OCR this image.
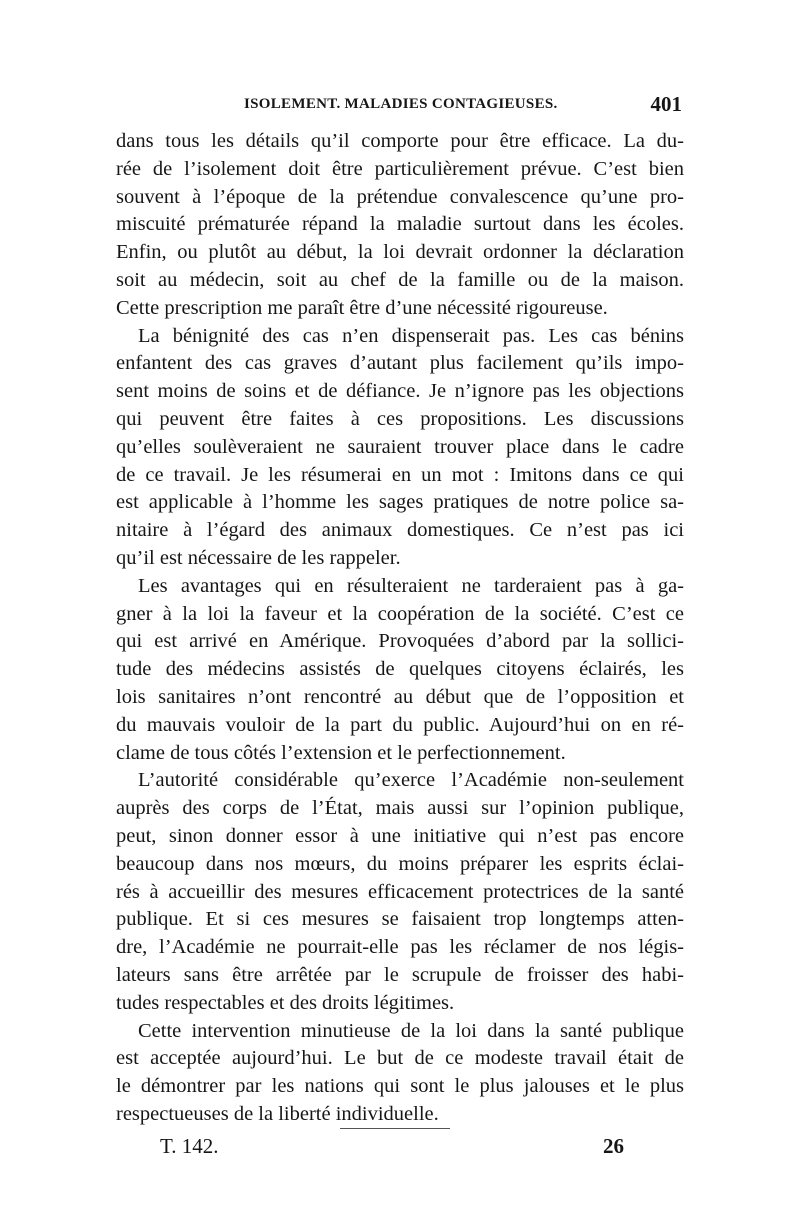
ISOLEMENT. MALADIES CONTAGIEUSES.	401
dans tous les détails qu’il comporte pour être efficace. La du-
rée de l’isolement doit être particulièrement prévue. C’est bien
souvent à l’époque de la prétendue convalescence qu’une pro-
miscuité prématurée répand la maladie surtout dans les écoles.
Enfin, ou plutôt au début, la loi devrait ordonner la déclaration
soit au médecin, soit au chef de la famille ou de la maison.
Cette prescription me paraît être d’une nécessité rigoureuse.
La bénignité des cas n’en dispenserait pas. Les cas bénins
enfantent des cas graves d’autant plus facilement qu’ils impo-
sent moins de soins et de défiance. Je n’ignore pas les objections
qui peuvent être faites à ces propositions. Les discussions
qu’elles soulèveraient ne sauraient trouver place dans le cadre
de ce travail. Je les résumerai en un mot : Imitons dans ce qui
est applicable à l’homme les sages pratiques de notre police sa-
nitaire à l’égard des animaux domestiques. Ce n’est pas ici
qu’il est nécessaire de les rappeler.
Les avantages qui en résulteraient ne tarderaient pas à ga-
gner à la loi la faveur et la coopération de la société. C’est ce
qui est arrivé en Amérique. Provoquées d’abord par la sollici-
tude des médecins assistés de quelques citoyens éclairés, les
lois sanitaires n’ont rencontré au début que de l’opposition et
du mauvais vouloir de la part du public. Aujourd’hui on en ré-
clame de tous côtés l’extension et le perfectionnement.
L’autorité considérable qu’exerce l’Académie non-seulement
auprès des corps de l’État, mais aussi sur l’opinion publique,
peut, sinon donner essor à une initiative qui n’est pas encore
beaucoup dans nos mœurs, du moins préparer les esprits éclai-
rés à accueillir des mesures efficacement protectrices de la santé
publique. Et si ces mesures se faisaient trop longtemps atten-
dre, l’Académie ne pourrait-elle pas les réclamer de nos légis-
lateurs sans être arrêtée par le scrupule de froisser des habi-
tudes respectables et des droits légitimes.
Cette intervention minutieuse de la loi dans la santé publique
est acceptée aujourd’hui. Le but de ce modeste travail était de
le démontrer par les nations qui sont le plus jalouses et le plus
respectueuses de la liberté individuelle.
T. 142.	26
